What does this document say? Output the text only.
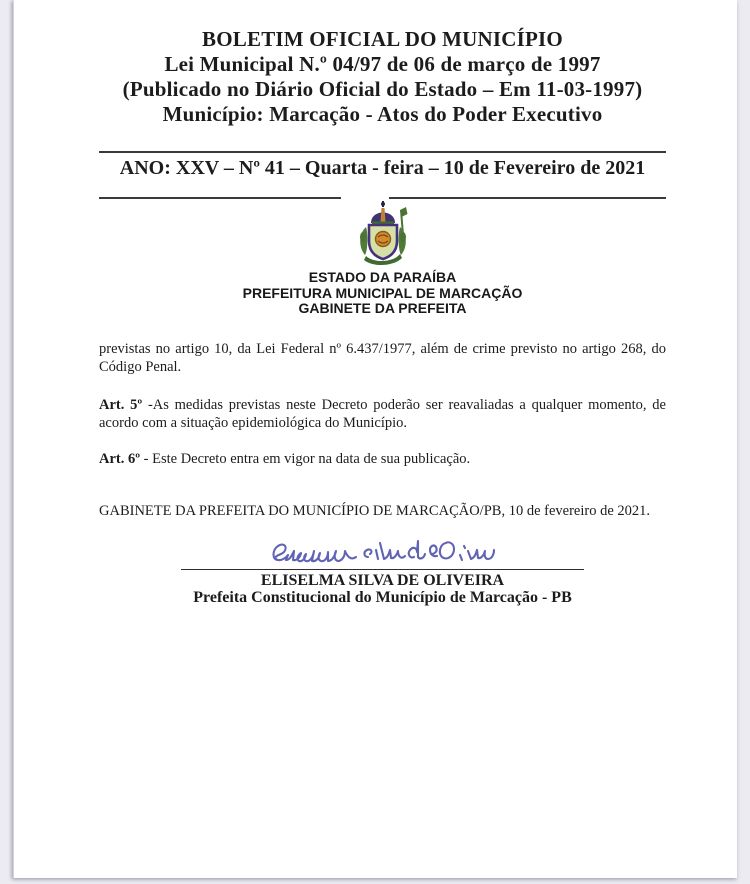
BOLETIM OFICIAL DO MUNICÍPIO
Lei Municipal N.º 04/97 de 06 de março de 1997
(Publicado no Diário Oficial do Estado – Em 11-03-1997)
Município: Marcação - Atos do Poder Executivo
ANO: XXV – Nº 41 – Quarta - feira – 10 de Fevereiro de 2021
ESTADO DA PARAÍBA
PREFEITURA MUNICIPAL DE MARCAÇÃO
GABINETE DA PREFEITA

previstas no artigo 10, da Lei Federal nº 6.437/1977, além de crime previsto no artigo 268, do Código Penal.

Art. 5º -As medidas previstas neste Decreto poderão ser reavaliadas a qualquer momento, de acordo com a situação epidemiológica do Município.

Art. 6º - Este Decreto entra em vigor na data de sua publicação.

GABINETE DA PREFEITA DO MUNICÍPIO DE MARCAÇÃO/PB, 10 de fevereiro de 2021.

ELISELMA SILVA DE OLIVEIRA
Prefeita Constitucional do Município de Marcação - PB
